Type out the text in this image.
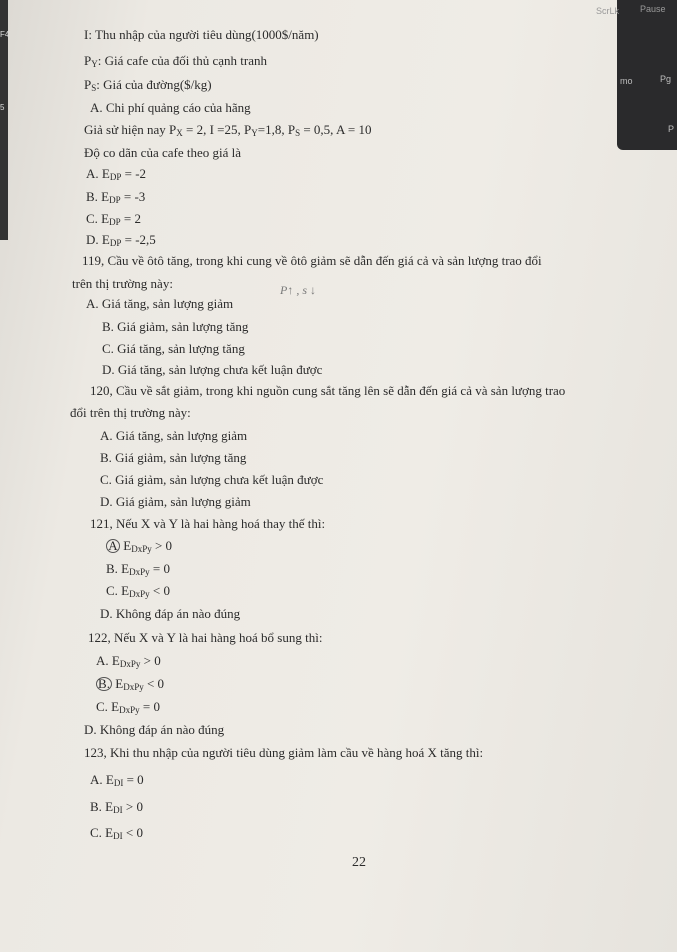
F4
5
ScrLk Pause
mo	Pg
P
I: Thu nhập của người tiêu dùng(1000$/năm)
$P_Y$: Giá cafe của đối thủ cạnh tranh
$P_S$: Giá của đường($/kg)
A. Chi phí quảng cáo của hãng
Giả sử hiện nay $P_X = 2$, I =25, $P_Y=1,8$, $P_S = 0,5$, A = 10
Độ co dãn của cafe theo giá là
A. $E_{DP} = -2$
B. $E_{DP} = -3$
C. $E_{DP} = 2$
D. $E_{DP} = -2,5$
119, Cầu về ôtô tăng, trong khi cung về ôtô giảm sẽ dẫn đến giá cả và sản lượng trao đổi
trên thị trường này:	P↑ , s ↓
A. Giá tăng, sản lượng giảm
B. Giá giảm, sản lượng tăng
C. Giá tăng, sản lượng tăng
D. Giá tăng, sản lượng chưa kết luận được
120, Cầu về sắt giảm, trong khi nguồn cung sắt tăng lên sẽ dẫn đến giá cả và sản lượng trao
đổi trên thị trường này:
A. Giá tăng, sản lượng giảm
B. Giá giảm, sản lượng tăng
C. Giá giảm, sản lượng chưa kết luận được
D. Giá giảm, sản lượng giảm
121, Nếu X và Y là hai hàng hoá thay thế thì:
A $E_{DxPy} > 0$
B. $E_{DxPy} = 0$
C. $E_{DxPy} < 0$
D. Không đáp án nào đúng
122, Nếu X và Y là hai hàng hoá bổ sung thì:
A. $E_{DxPy} > 0$
B. $E_{DxPy} < 0$
C. $E_{DxPy} = 0$
D. Không đáp án nào đúng
123, Khi thu nhập của người tiêu dùng giảm làm cầu về hàng hoá X tăng thì:
A. $E_{DI} = 0$
B. $E_{DI} > 0$
C. $E_{DI} < 0$
22
